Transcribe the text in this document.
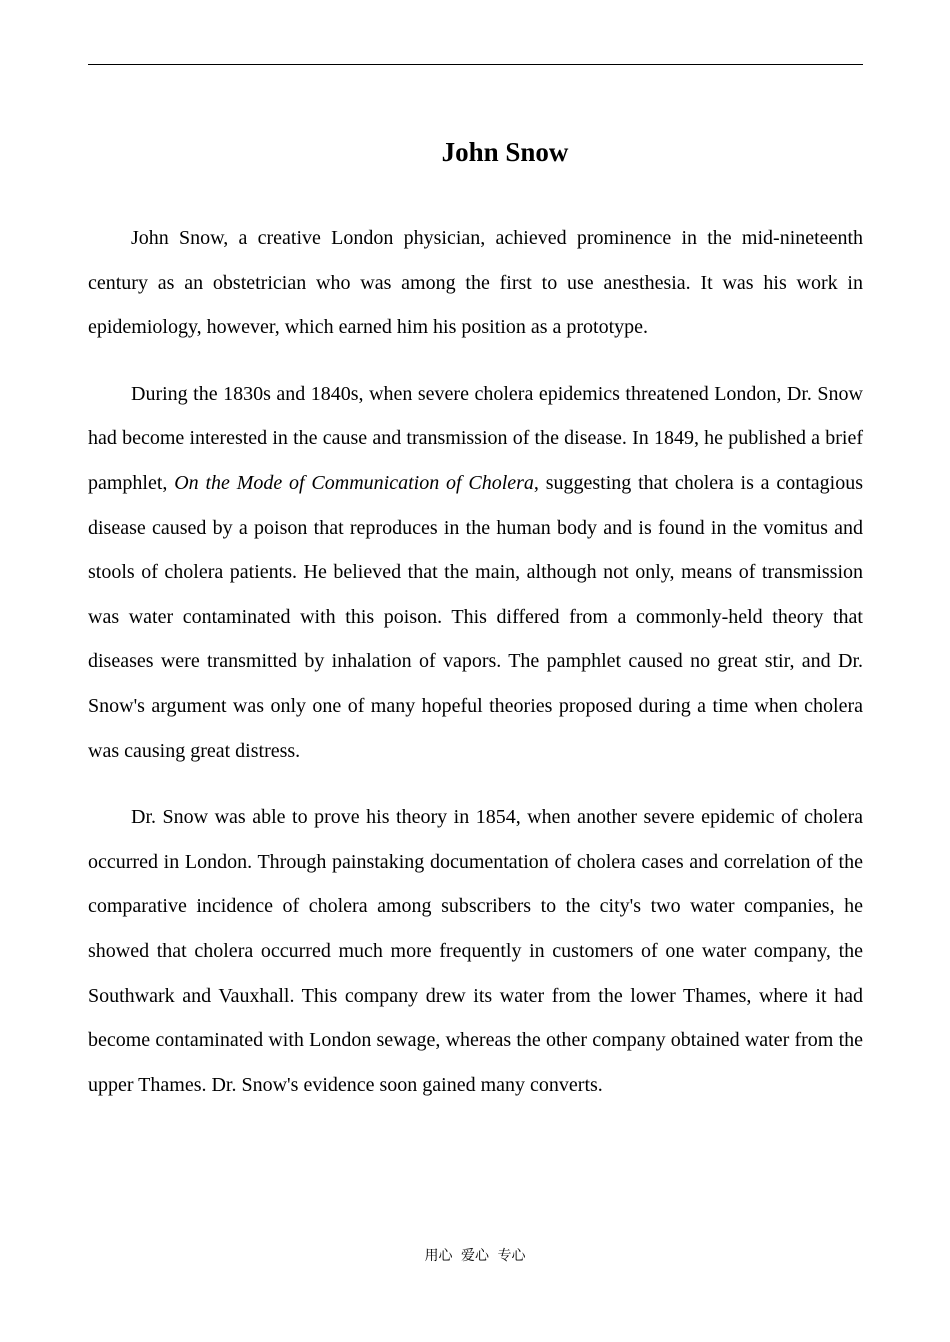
John Snow

John Snow, a creative London physician, achieved prominence in the mid-nineteenth century as an obstetrician who was among the first to use anesthesia. It was his work in epidemiology, however, which earned him his position as a prototype.

During the 1830s and 1840s, when severe cholera epidemics threatened London, Dr. Snow had become interested in the cause and transmission of the disease. In 1849, he published a brief pamphlet, On the Mode of Communication of Cholera, suggesting that cholera is a contagious disease caused by a poison that reproduces in the human body and is found in the vomitus and stools of cholera patients. He believed that the main, although not only, means of transmission was water contaminated with this poison. This differed from a commonly-held theory that diseases were transmitted by inhalation of vapors. The pamphlet caused no great stir, and Dr. Snow's argument was only one of many hopeful theories proposed during a time when cholera was causing great distress.

Dr. Snow was able to prove his theory in 1854, when another severe epidemic of cholera occurred in London. Through painstaking documentation of cholera cases and correlation of the comparative incidence of cholera among subscribers to the city's two water companies, he showed that cholera occurred much more frequently in customers of one water company, the Southwark and Vauxhall. This company drew its water from the lower Thames, where it had become contaminated with London sewage, whereas the other company obtained water from the upper Thames. Dr. Snow's evidence soon gained many converts.

用心 爱心 专心
